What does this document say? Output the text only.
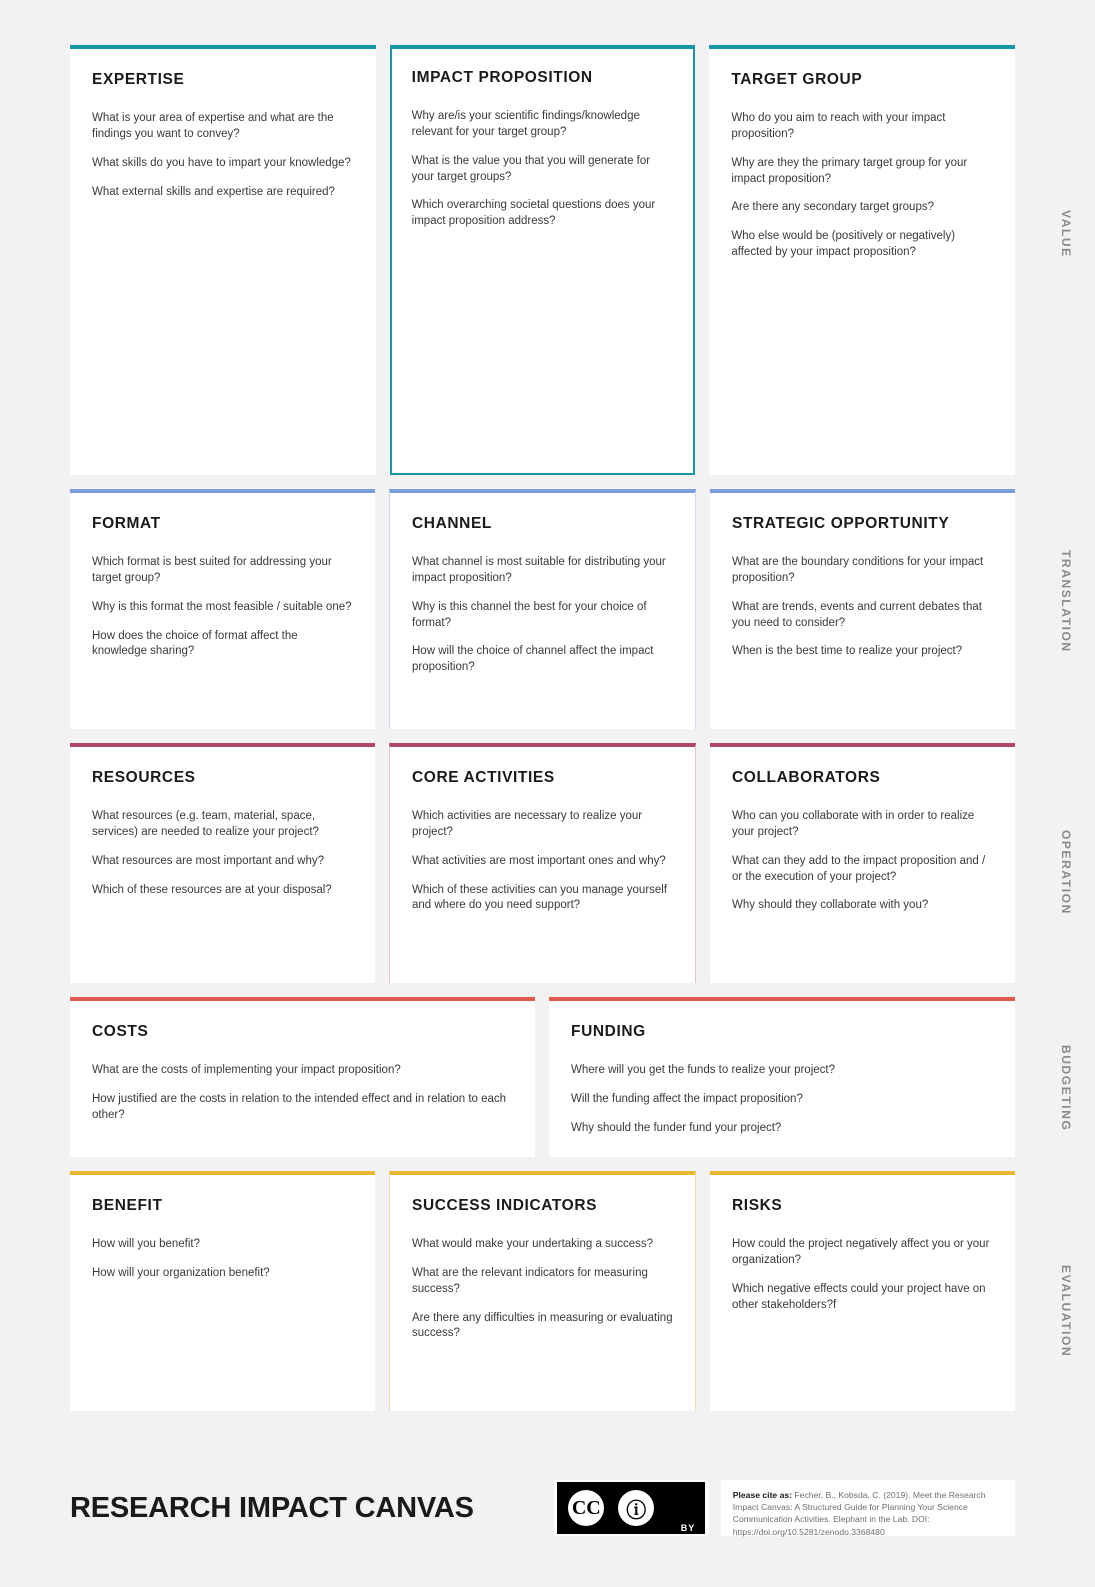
EXPERTISE

What is your area of expertise and what are the findings you want to convey?

What skills do you have to impart your knowledge?

What external skills and expertise are required?

IMPACT PROPOSITION

Why are/is your scientific findings/knowledge relevant for your target group?

What is the value you that you will generate for your target groups?

Which overarching societal questions does your impact proposition address?

TARGET GROUP

Who do you aim to reach with your impact proposition?

Why are they the primary target group for your impact proposition?

Are there any secondary target groups?

Who else would be (positively or negatively) affected by your impact proposition?

FORMAT

Which format is best suited for addressing your target group?

Why is this format the most feasible / suitable one?

How does the choice of format affect the knowledge sharing?

CHANNEL

What channel is most suitable for distributing your impact proposition?

Why is this channel the best for your choice of format?

How will the choice of channel affect the impact proposition?

STRATEGIC OPPORTUNITY

What are the boundary conditions for your impact proposition?

What are trends, events and current debates that you need to consider?

When is the best time to realize your project?

RESOURCES

What resources (e.g. team, material, space, services) are needed to realize your project?

What resources are most important and why?

Which of these resources are at your disposal?

CORE ACTIVITIES

Which activities are necessary to realize your project?

What activities are most important ones and why?

Which of these activities can you manage yourself and where do you need support?

COLLABORATORS

Who can you collaborate with in order to realize your project?

What can they add to the impact proposition and / or the execution of your project?

Why should they collaborate with you?

COSTS

What are the costs of implementing your impact proposition?

How justified are the costs in relation to the intended effect and in relation to each other?

FUNDING

Where will you get the funds to realize your project?

Will the funding affect the impact proposition?

Why should the funder fund your project?

BENEFIT

How will you benefit?

How will your organization benefit?

SUCCESS INDICATORS

What would make your undertaking a success?

What are the relevant indicators for measuring success?

Are there any difficulties in measuring or evaluating success?

RISKS

How could the project negatively affect you or your organization?

Which negative effects could your project have on other stakeholders?f

VALUE
TRANSLATION
OPERATION
BUDGETING
EVALUATION
RESEARCH IMPACT CANVAS	CC	ⓘ
BY
Please cite as: Fecher, B., Kobsda, C. (2019). Meet the Research Impact Canvas: A Structured Guide for Planning Your Science Communication Activities. Elephant in the Lab. DOI: https://doi.org/10.5281/zenodo.3368480
